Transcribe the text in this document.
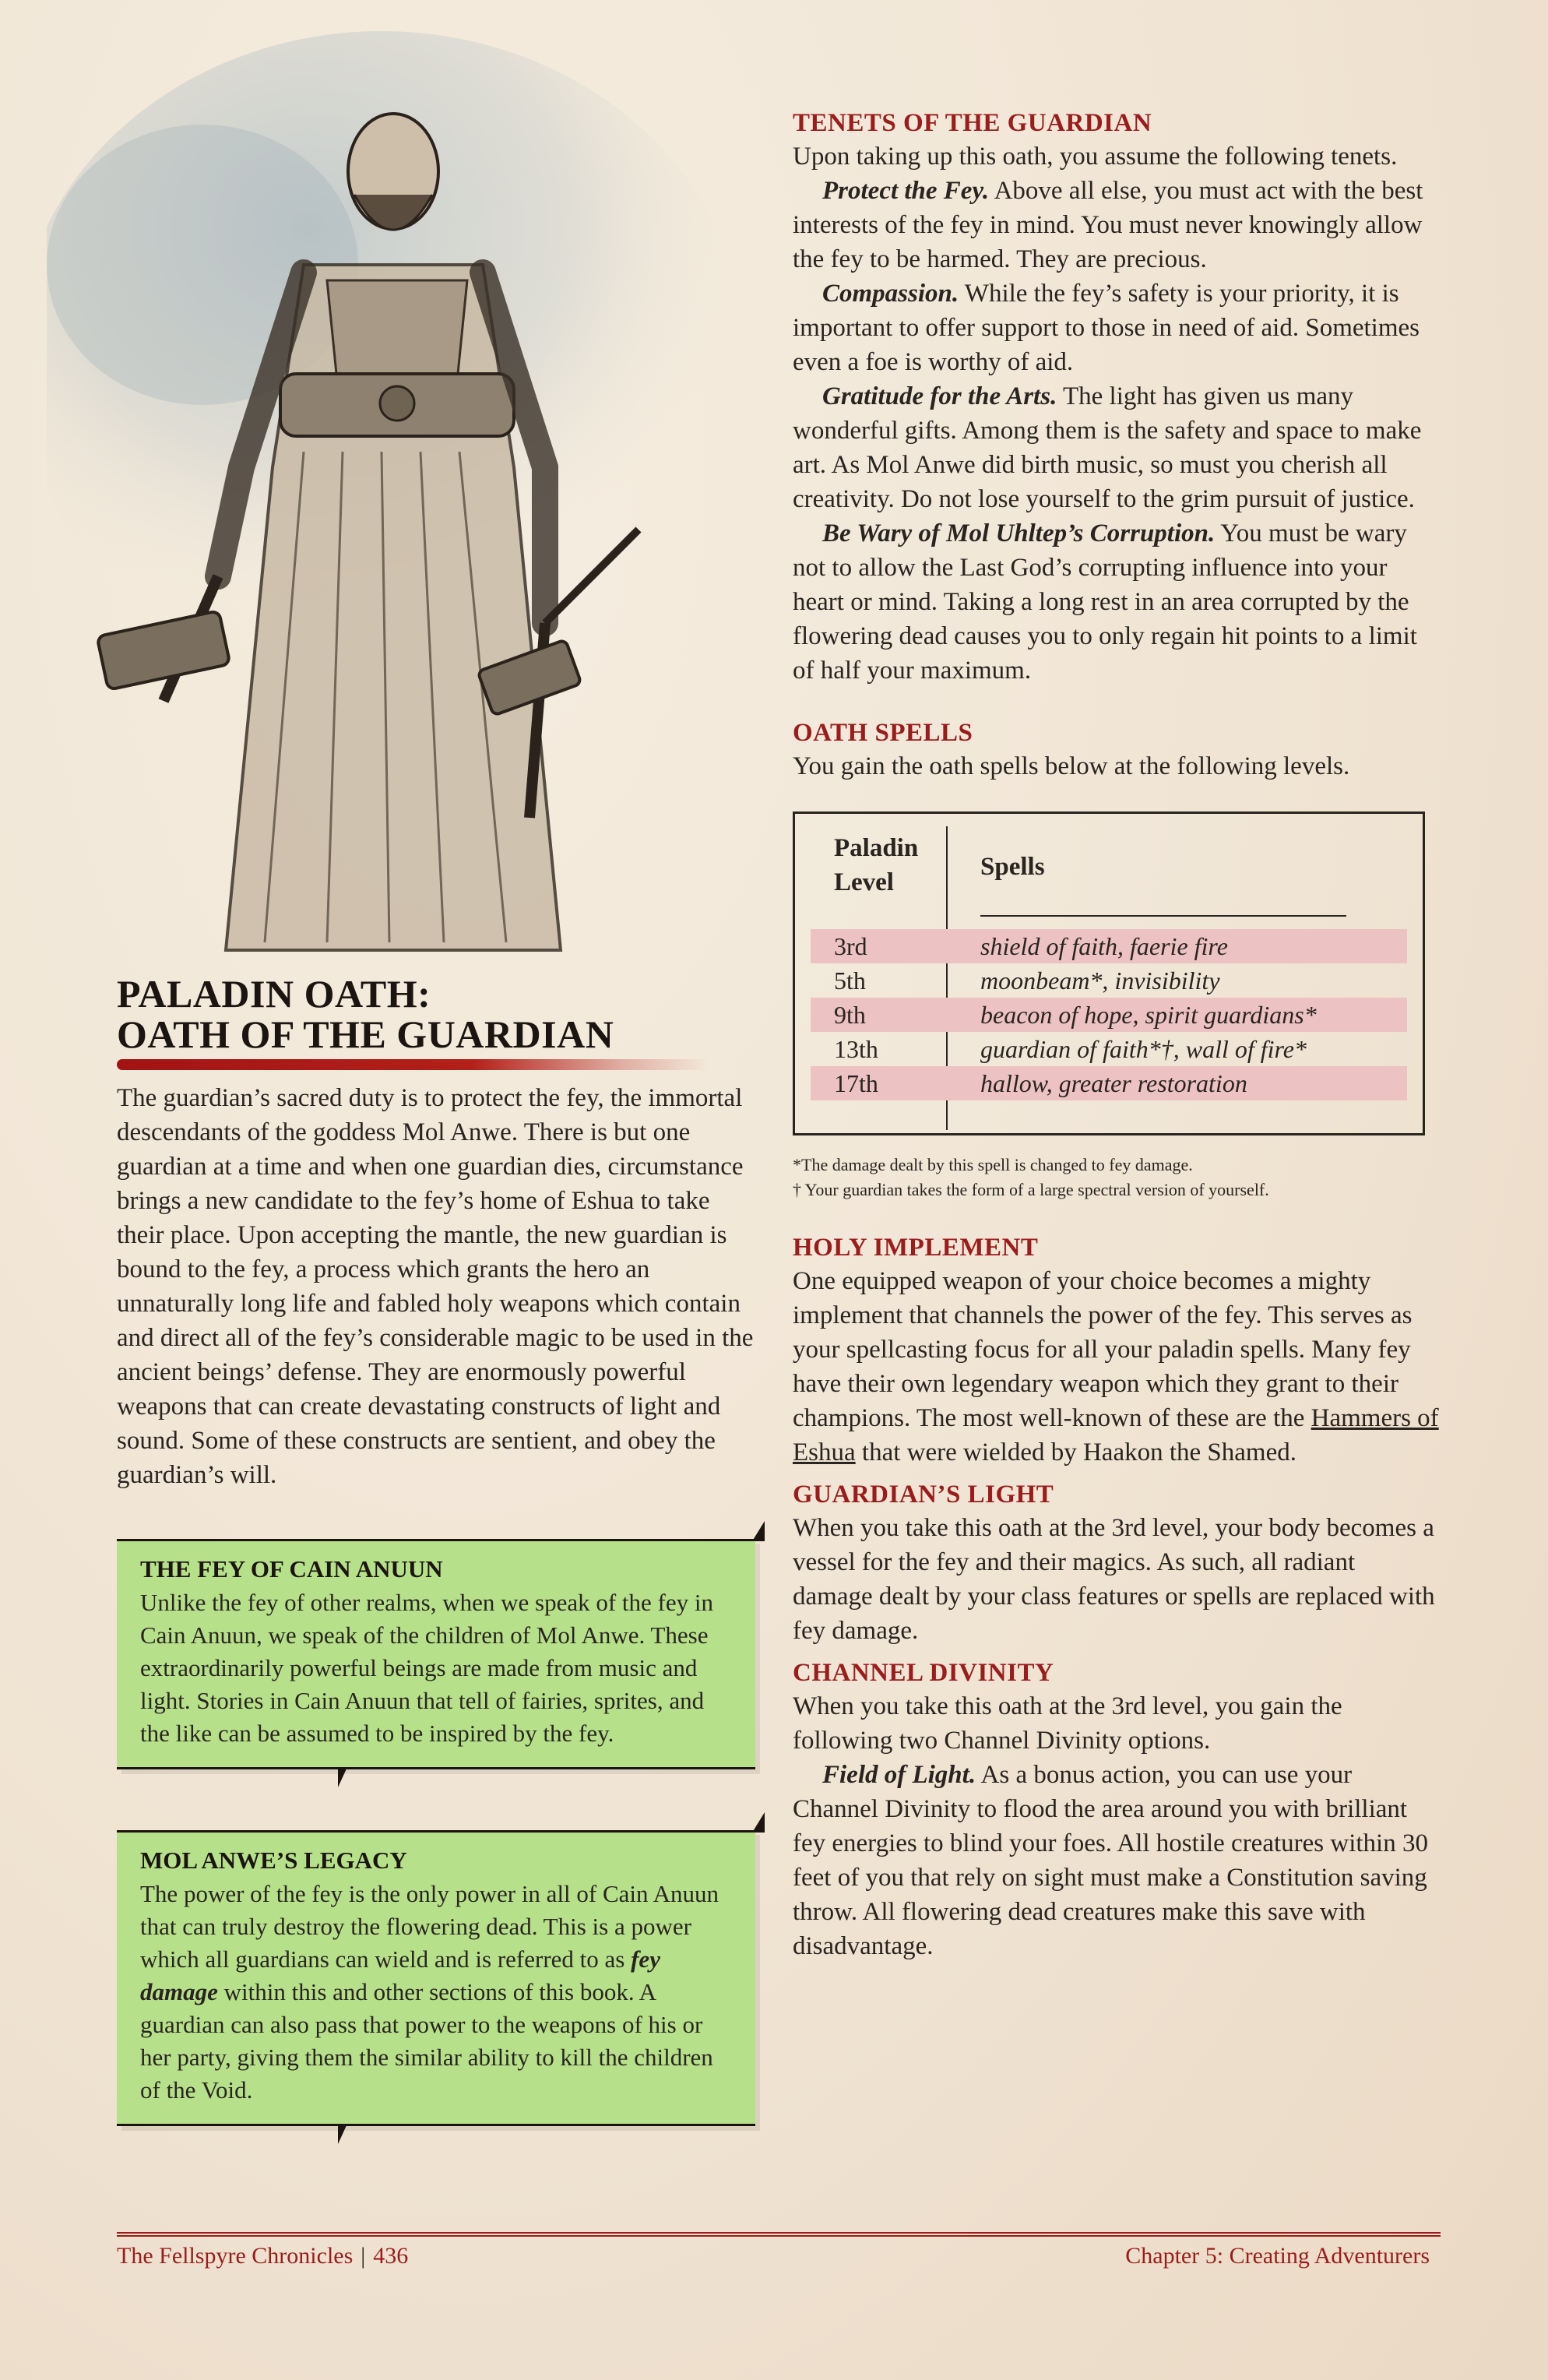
TENETS OF THE GUARDIAN

Upon taking up this oath, you assume the following tenets.

Protect the Fey. Above all else, you must act with the best interests of the fey in mind. You must never knowingly allow the fey to be harmed. They are precious.

Compassion. While the fey’s safety is your priority, it is important to offer support to those in need of aid. Sometimes even a foe is worthy of aid.

Gratitude for the Arts. The light has given us many wonderful gifts. Among them is the safety and space to make art. As Mol Anwe did birth music, so must you cherish all creativity. Do not lose yourself to the grim pursuit of justice.

Be Wary of Mol Uhltep’s Corruption. You must be wary not to allow the Last God’s corrupting influence into your heart or mind. Taking a long rest in an area corrupted by the flowering dead causes you to only regain hit points to a limit of half your maximum.

OATH SPELLS

You gain the oath spells below at the following levels.

Paladin Level
Spells
3rd	shield of faith, faerie fire
5th	moonbeam*, invisibility
9th	beacon of hope, spirit guardians*
13th	guardian of faith*†, wall of fire*
17th	hallow, greater restoration

*The damage dealt by this spell is changed to fey damage.

† Your guardian takes the form of a large spectral version of yourself.

HOLY IMPLEMENT

One equipped weapon of your choice becomes a mighty implement that channels the power of the fey. This serves as your spellcasting focus for all your paladin spells. Many fey have their own legendary weapon which they grant to their champions. The most well-known of these are the Hammers of Eshua that were wielded by Haakon the Shamed.

GUARDIAN’S LIGHT

When you take this oath at the 3rd level, your body becomes a vessel for the fey and their magics. As such, all radiant damage dealt by your class features or spells are replaced with fey damage.

CHANNEL DIVINITY

When you take this oath at the 3rd level, you gain the following two Channel Divinity options.

Field of Light. As a bonus action, you can use your Channel Divinity to flood the area around you with brilliant fey energies to blind your foes. All hostile creatures within 30 feet of you that rely on sight must make a Constitution saving throw. All flowering dead creatures make this save with disadvantage.

PALADIN OATH:
OATH OF THE GUARDIAN

The guardian’s sacred duty is to protect the fey, the immortal descendants of the goddess Mol Anwe. There is but one guardian at a time and when one guardian dies, circumstance brings a new candidate to the fey’s home of Eshua to take their place. Upon accepting the mantle, the new guardian is bound to the fey, a process which grants the hero an unnaturally long life and fabled holy weapons which contain and direct all of the fey’s considerable magic to be used in the ancient beings’ defense. They are enormously powerful weapons that can create devastating constructs of light and sound. Some of these constructs are sentient, and obey the guardian’s will.

THE FEY OF CAIN ANUUN

Unlike the fey of other realms, when we speak of the fey in Cain Anuun, we speak of the children of Mol Anwe. These extraordinarily powerful beings are made from music and light. Stories in Cain Anuun that tell of fairies, sprites, and the like can be assumed to be inspired by the fey.

MOL ANWE’S LEGACY

The power of the fey is the only power in all of Cain Anuun that can truly destroy the flowering dead. This is a power which all guardians can wield and is referred to as fey damage within this and other sections of this book. A guardian can also pass that power to the weapons of his or her party, giving them the similar ability to kill the children of the Void.

The Fellspyre Chronicles | 436	Chapter 5: Creating Adventurers
